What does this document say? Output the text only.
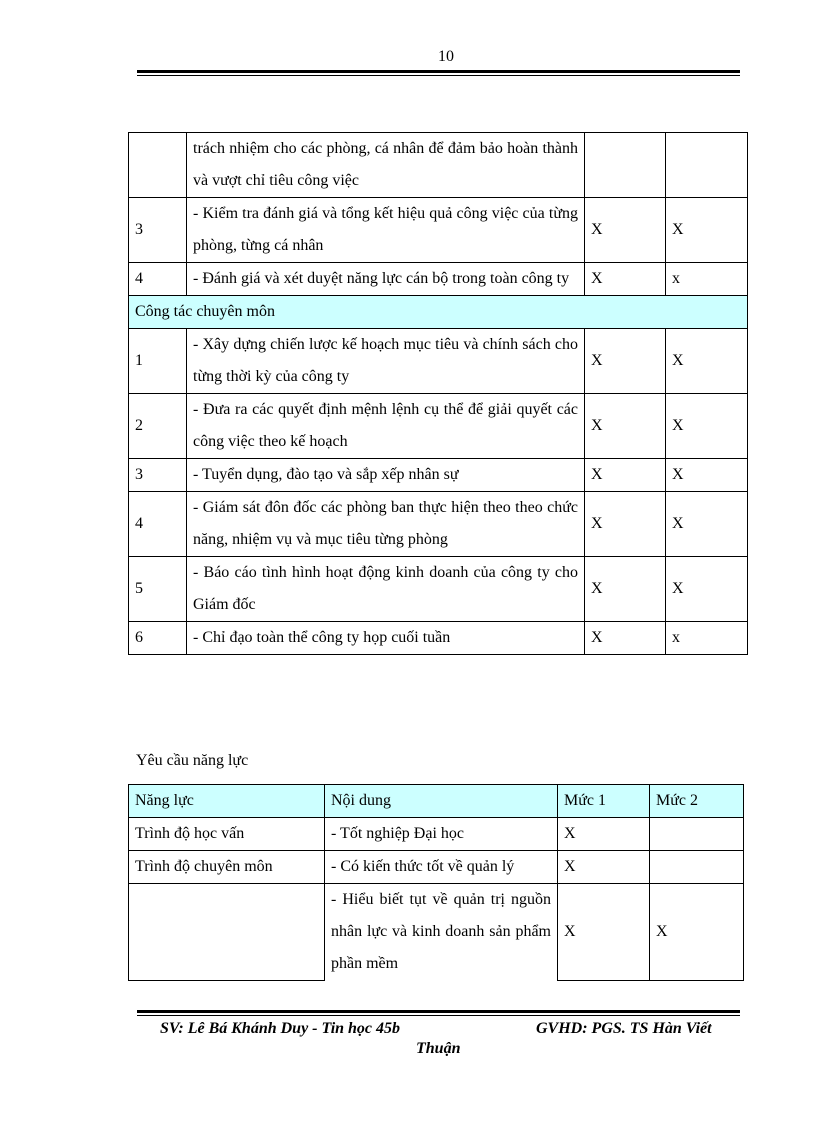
10
	trách nhiệm cho các phòng, cá nhân để đảm bảo hoàn thành và vượt chỉ tiêu công việc		
3	- Kiểm tra đánh giá và tổng kết hiệu quả công việc của từng phòng, từng cá nhân	X	X
4	- Đánh giá và xét duyệt năng lực cán bộ trong toàn công ty	X	x
Công tác chuyên môn			
1	- Xây dựng chiến lược kế hoạch mục tiêu và chính sách cho từng thời kỳ của công ty	X	X
2	- Đưa ra các quyết định mệnh lệnh cụ thể để giải quyết các công việc theo kế hoạch	X	X
3	- Tuyển dụng, đào tạo và sắp xếp nhân sự	X	X
4	- Giám sát đôn đốc các phòng ban thực hiện theo theo chức năng, nhiệm vụ và mục tiêu từng phòng	X	X
5	- Báo cáo tình hình hoạt động kinh doanh của công ty cho Giám đốc	X	X
6	- Chỉ đạo toàn thể công ty họp cuối tuần	X	x
Yêu cầu năng lực
Năng lực	Nội dung	Mức 1	Mức 2
Trình độ học vấn	- Tốt nghiệp Đại học	X	
Trình độ chuyên môn	- Có kiến thức tốt về quản lý	X	
	- Hiểu biết tụt về quản trị nguồn nhân lực và kinh doanh sản phẩm phần mềm	X	X
SV: Lê Bá Khánh Duy - Tin học 45b	GVHD: PGS. TS Hàn Viết
Thuận
